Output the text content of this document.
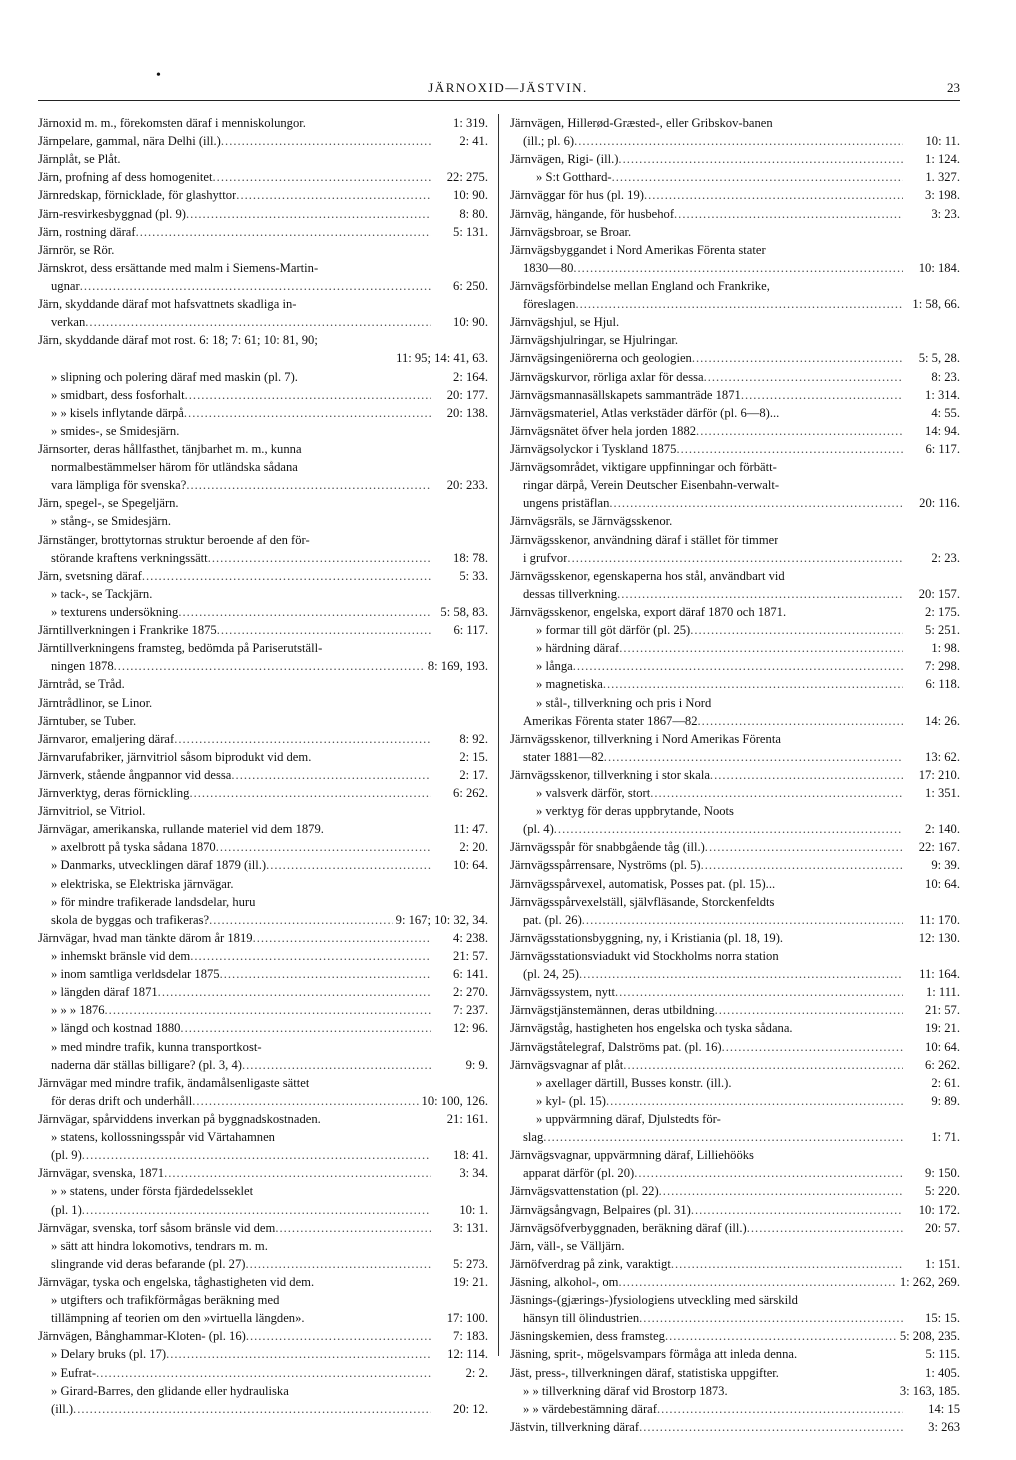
•
JÄRNOXID—JÄSTVIN.	23
Järnoxid m. m., förekomsten däraf i menniskolungor.	1: 319.
Järnpelare, gammal, nära Delhi (ill.) .....	2: 41.
Järnplåt, se Plåt.
Järn, profning af dess homogenitet .....	22: 275.
Järnredskap, förnicklade, för glashyttor .....	10: 90.
Järn-resvirkesbyggnad (pl. 9) .....	8: 80.
Järn, rostning däraf .....	5: 131.
Järnrör, se Rör.
Järnskrot, dess ersättande med malm i Siemens-Martin-
ugnar .....	6: 250.
Järn, skyddande däraf mot hafsvattnets skadliga in-
verkan .....	10: 90.
Järn, skyddande däraf mot rost. 6: 18; 7: 61; 10: 81, 90;
11: 95; 14: 41, 63.
» slipning och polering däraf med maskin (pl. 7).	2: 164.
» smidbart, dess fosforhalt .....	20: 177.
» » kisels inflytande därpå .....	20: 138.
» smides-, se Smidesjärn.
Järnsorter, deras hållfasthet, tänjbarhet m. m., kunna
normalbestämmelser härom för utländska sådana
vara lämpliga för svenska? .....	20: 233.
Järn, spegel-, se Spegeljärn.
» stång-, se Smidesjärn.
Järnstänger, brottytornas struktur beroende af den för-
störande kraftens verkningssätt .....	18: 78.
Järn, svetsning däraf .....	5: 33.
» tack-, se Tackjärn.
» texturens undersökning .....	5: 58, 83.
Järntillverkningen i Frankrike 1875 .....	6: 117.
Järntillverkningens framsteg, bedömda på Pariserutställ-
ningen 1878 .....	8: 169, 193.
Järntråd, se Tråd.
Järntrådlinor, se Linor.
Järntuber, se Tuber.
Järnvaror, emaljering däraf .....	8: 92.
Järnvarufabriker, järnvitriol såsom biprodukt vid dem.	2: 15.
Järnverk, stående ångpannor vid dessa .....	2: 17.
Järnverktyg, deras förnickling .....	6: 262.
Järnvitriol, se Vitriol.
Järnvägar, amerikanska, rullande materiel vid dem 1879.	11: 47.
» axelbrott på tyska sådana 1870 .....	2: 20.
» Danmarks, utvecklingen däraf 1879 (ill.) .....	10: 64.
» elektriska, se Elektriska järnvägar.
» för mindre trafikerade landsdelar, huru
skola de byggas och trafikeras? .....	9: 167; 10: 32, 34.
Järnvägar, hvad man tänkte därom år 1819 .....	4: 238.
» inhemskt bränsle vid dem .....	21: 57.
» inom samtliga verldsdelar 1875 .....	6: 141.
» längden däraf 1871 .....	2: 270.
» » » 1876 .....	7: 237.
» längd och kostnad 1880 .....	12: 96.
» med mindre trafik, kunna transportkost-
naderna där ställas billigare? (pl. 3, 4) .....	9: 9.
Järnvägar med mindre trafik, ändamålsenligaste sättet
för deras drift och underhåll .....	10: 100, 126.
Järnvägar, spårviddens inverkan på byggnadskostnaden.	21: 161.
» statens, kollossningsspår vid Värtahamnen
(pl. 9) .....	18: 41.
Järnvägar, svenska, 1871 .....	3: 34.
» » statens, under första fjärdedelsseklet
(pl. 1) .....	10: 1.
Järnvägar, svenska, torf såsom bränsle vid dem .....	3: 131.
» sätt att hindra lokomotivs, tendrars m. m.
slingrande vid deras befarande (pl. 27) .....	5: 273.
Järnvägar, tyska och engelska, tåghastigheten vid dem.	19: 21.
» utgifters och trafikförmågas beräkning med
tillämpning af teorien om den »virtuella längden».	17: 100.
Järnvägen, Bånghammar-Kloten- (pl. 16) .....	7: 183.
» Delary bruks (pl. 17) .....	12: 114.
» Eufrat- .....	2: 2.
» Girard-Barres, den glidande eller hydrauliska
(ill.) .....	20: 12.
Järnvägen, Hillerød-Græsted-, eller Gribskov-banen
(ill.; pl. 6) .....	10: 11.
Järnvägen, Rigi- (ill.) .....	1: 124.
» S:t Gotthard- .....	1. 327.
Järnväggar för hus (pl. 19) .....	3: 198.
Järnväg, hängande, för husbehof .....	3: 23.
Järnvägsbroar, se Broar.
Järnvägsbyggandet i Nord Amerikas Förenta stater
1830—80 .....	10: 184.
Järnvägsförbindelse mellan England och Frankrike,
föreslagen .....	1: 58, 66.
Järnvägshjul, se Hjul.
Järnvägshjulringar, se Hjulringar.
Järnvägsingeniörerna och geologien .....	5: 5, 28.
Järnvägskurvor, rörliga axlar för dessa .....	8: 23.
Järnvägsmannasällskapets sammanträde 1871 .....	1: 314.
Järnvägsmateriel, Atlas verkstäder därför (pl. 6—8)...	4: 55.
Järnvägsnätet öfver hela jorden 1882 .....	14: 94.
Järnvägsolyckor i Tyskland 1875 .....	6: 117.
Järnvägsområdet, viktigare uppfinningar och förbätt-
ringar därpå, Verein Deutscher Eisenbahn-verwalt-
ungens pristäflan .....	20: 116.
Järnvägsräls, se Järnvägsskenor.
Järnvägsskenor, användning däraf i stället för timmer
i grufvor .....	2: 23.
Järnvägsskenor, egenskaperna hos stål, användbart vid
dessas tillverkning .....	20: 157.
Järnvägsskenor, engelska, export däraf 1870 och 1871.	2: 175.
» formar till göt därför (pl. 25) .....	5: 251.
» härdning däraf .....	1: 98.
» långa .....	7: 298.
» magnetiska .....	6: 118.
» stål-, tillverkning och pris i Nord
Amerikas Förenta stater 1867—82 .....	14: 26.
Järnvägsskenor, tillverkning i Nord Amerikas Förenta
stater 1881—82 .....	13: 62.
Järnvägsskenor, tillverkning i stor skala .....	17: 210.
» valsverk därför, stort .....	1: 351.
» verktyg för deras uppbrytande, Noots
(pl. 4) .....	2: 140.
Järnvägsspår för snabbgående tåg (ill.) .....	22: 167.
Järnvägsspårrensare, Nyströms (pl. 5) .....	9: 39.
Järnvägsspårvexel, automatisk, Posses pat. (pl. 15)...	10: 64.
Järnvägsspårvexelställ, självfläsande, Storckenfeldts
pat. (pl. 26) .....	11: 170.
Järnvägsstationsbyggning, ny, i Kristiania (pl. 18, 19).	12: 130.
Järnvägsstationsviadukt vid Stockholms norra station
(pl. 24, 25) .....	11: 164.
Järnvägssystem, nytt .....	1: 111.
Järnvägstjänstemännen, deras utbildning .....	21: 57.
Järnvägståg, hastigheten hos engelska och tyska sådana.	19: 21.
Järnvägståtelegraf, Dalströms pat. (pl. 16) .....	10: 64.
Järnvägsvagnar af plåt .....	6: 262.
» axellager därtill, Busses konstr. (ill.).	2: 61.
» kyl- (pl. 15) .....	9: 89.
» uppvärmning däraf, Djulstedts för-
slag .....	1: 71.
Järnvägsvagnar, uppvärmning däraf, Lilliehööks
apparat därför (pl. 20) .....	9: 150.
Järnvägsvattenstation (pl. 22) .....	5: 220.
Järnvägsångvagn, Belpaires (pl. 31) .....	10: 172.
Järnvägsöfverbyggnaden, beräkning däraf (ill.) .....	20: 57.
Järn, väll-, se Välljärn.
Järnöfverdrag på zink, varaktigt .....	1: 151.
Jäsning, alkohol-, om .....	1: 262, 269.
Jäsnings-(gjærings-)fysiologiens utveckling med särskild
hänsyn till ölindustrien .....	15: 15.
Jäsningskemien, dess framsteg .....	5: 208, 235.
Jäsning, sprit-, mögelsvampars förmåga att inleda denna.	5: 115.
Jäst, press-, tillverkningen däraf, statistiska uppgifter.	1: 405.
» » tillverkning däraf vid Brostorp 1873.	3: 163, 185.
» » värdebestämning däraf .....	14: 15
Jästvin, tillverkning däraf .....	3: 263
